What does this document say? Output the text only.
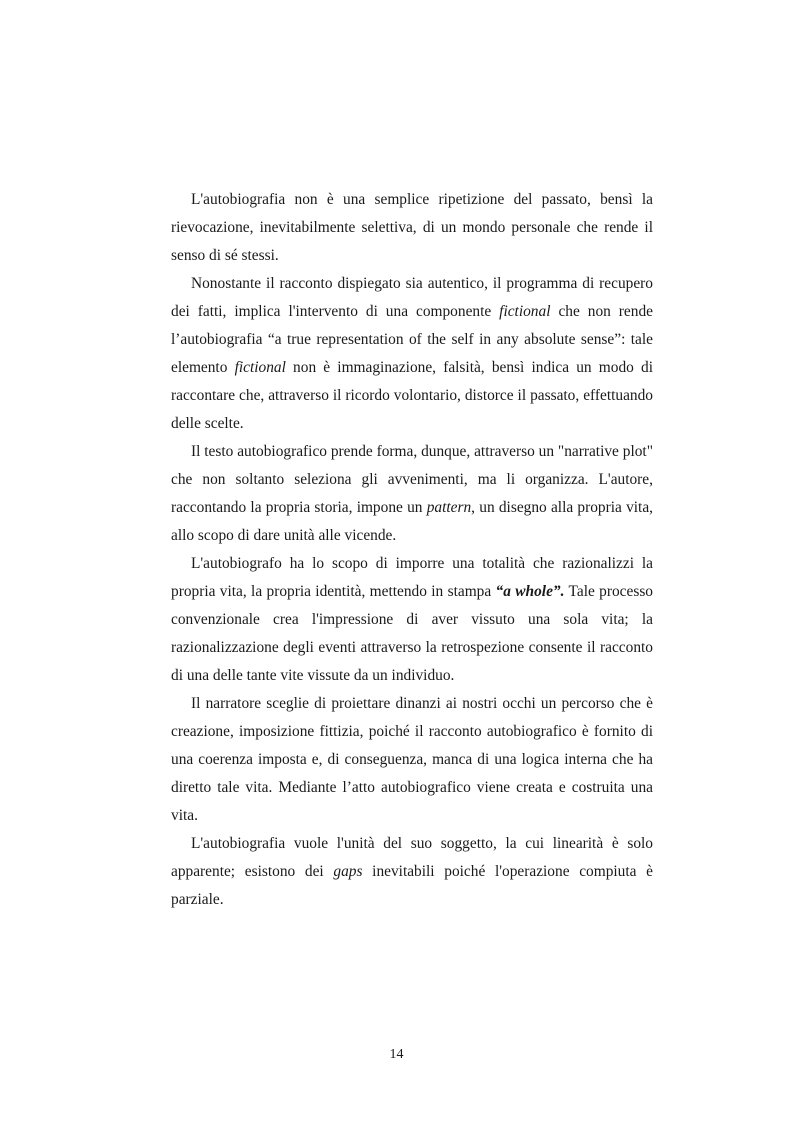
L'autobiografia non è una semplice ripetizione del passato, bensì la rievocazione, inevitabilmente selettiva, di un mondo personale che rende il senso di sé stessi.

Nonostante il racconto dispiegato sia autentico, il programma di recupero dei fatti, implica l'intervento di una componente fictional che non rende l’autobiografia “a true representation of the self in any absolute sense”: tale elemento fictional non è immaginazione, falsità, bensì indica un modo di raccontare che, attraverso il ricordo volontario, distorce il passato, effettuando delle scelte.

Il testo autobiografico prende forma, dunque, attraverso un "narrative plot" che non soltanto seleziona gli avvenimenti, ma li organizza. L'autore, raccontando la propria storia, impone un pattern, un disegno alla propria vita, allo scopo di dare unità alle vicende.

L'autobiografo ha lo scopo di imporre una totalità che razionalizzi la propria vita, la propria identità, mettendo in stampa “a whole”. Tale processo convenzionale crea l'impressione di aver vissuto una sola vita; la razionalizzazione degli eventi attraverso la retrospezione consente il racconto di una delle tante vite vissute da un individuo.

Il narratore sceglie di proiettare dinanzi ai nostri occhi un percorso che è creazione, imposizione fittizia, poiché il racconto autobiografico è fornito di una coerenza imposta e, di conseguenza, manca di una logica interna che ha diretto tale vita. Mediante l’atto autobiografico viene creata e costruita una vita.

L'autobiografia vuole l'unità del suo soggetto, la cui linearità è solo apparente; esistono dei gaps inevitabili poiché l'operazione compiuta è parziale.

14
